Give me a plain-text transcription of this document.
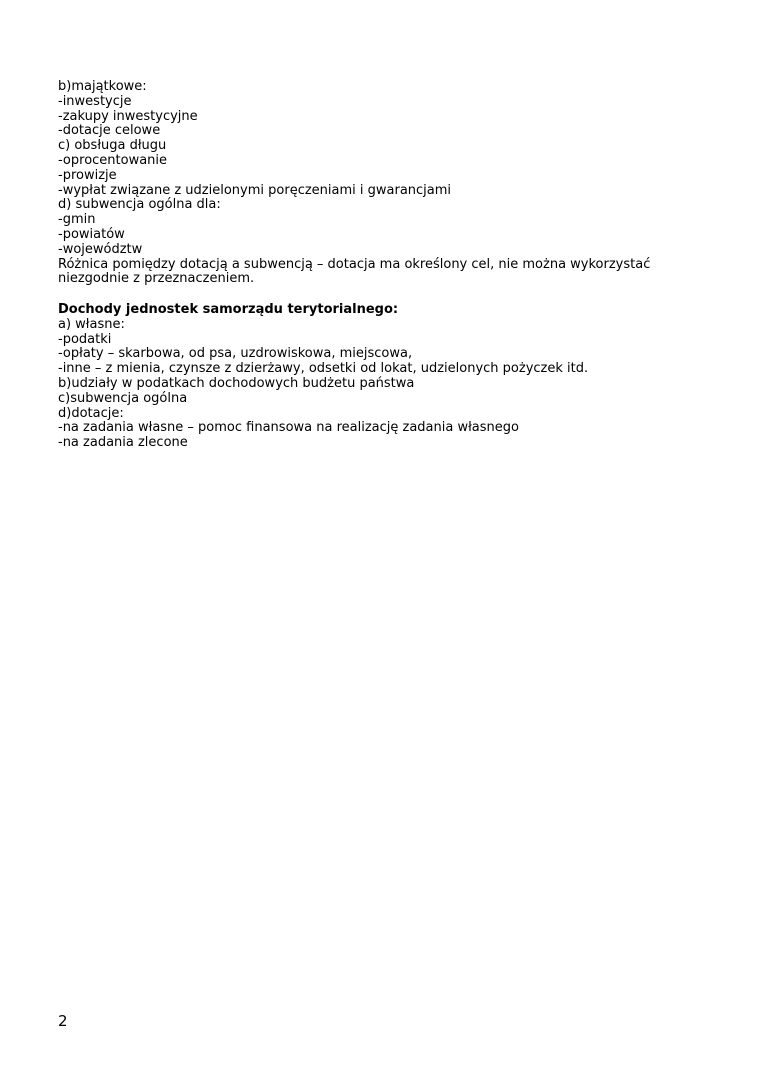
b)majątkowe:
-inwestycje
-zakupy inwestycyjne
-dotacje celowe
c) obsługa długu
-oprocentowanie
-prowizje
-wypłat związane z udzielonymi poręczeniami i gwarancjami
d) subwencja ogólna dla:
-gmin
-powiatów
-województw
Różnica pomiędzy dotacją a subwencją – dotacja ma określony cel, nie można wykorzystać
niezgodnie z przeznaczeniem.
Dochody jednostek samorządu terytorialnego:
a) własne:
-podatki
-opłaty – skarbowa, od psa, uzdrowiskowa, miejscowa,
-inne – z mienia, czynsze z dzierżawy, odsetki od lokat, udzielonych pożyczek itd.
b)udziały w podatkach dochodowych budżetu państwa
c)subwencja ogólna
d)dotacje:
-na zadania własne – pomoc finansowa na realizację zadania własnego
-na zadania zlecone
2
